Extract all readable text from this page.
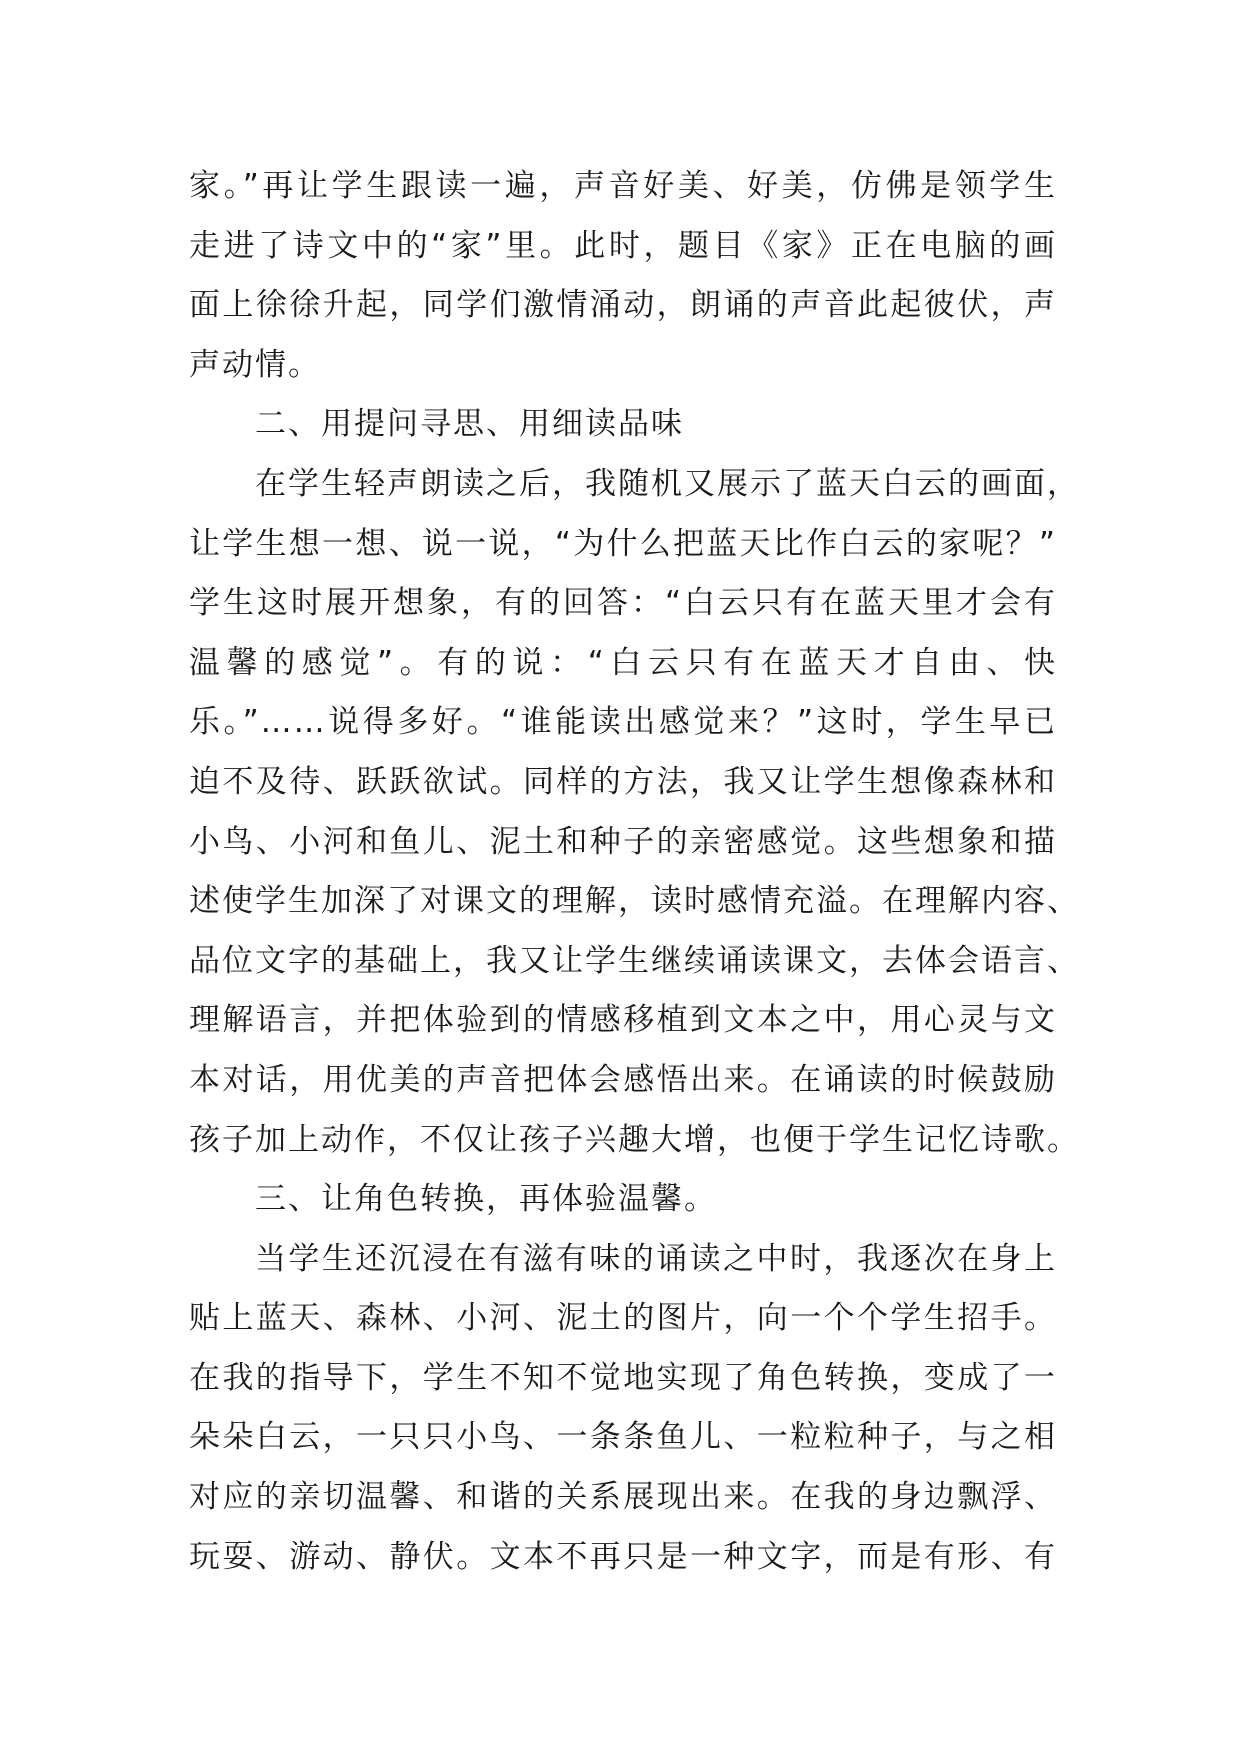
家。”再让学生跟读一遍，声音好美、好美，仿佛是领学生
走进了诗文中的“家”里。此时，题目《家》正在电脑的画
面上徐徐升起，同学们激情涌动，朗诵的声音此起彼伏，声
声动情。
二、用提问寻思、用细读品味
在学生轻声朗读之后，我随机又展示了蓝天白云的画面，
让学生想一想、说一说，“为什么把蓝天比作白云的家呢？”
学生这时展开想象，有的回答：“白云只有在蓝天里才会有
温馨的感觉”。有的说：“白云只有在蓝天才自由、快
乐。”……说得多好。“谁能读出感觉来？”这时，学生早已
迫不及待、跃跃欲试。同样的方法，我又让学生想像森林和
小鸟、小河和鱼儿、泥土和种子的亲密感觉。这些想象和描
述使学生加深了对课文的理解，读时感情充溢。在理解内容、
品位文字的基础上，我又让学生继续诵读课文，去体会语言、
理解语言，并把体验到的情感移植到文本之中，用心灵与文
本对话，用优美的声音把体会感悟出来。在诵读的时候鼓励
孩子加上动作，不仅让孩子兴趣大增，也便于学生记忆诗歌。
三、让角色转换，再体验温馨。
当学生还沉浸在有滋有味的诵读之中时，我逐次在身上
贴上蓝天、森林、小河、泥土的图片，向一个个学生招手。
在我的指导下，学生不知不觉地实现了角色转换，变成了一
朵朵白云，一只只小鸟、一条条鱼儿、一粒粒种子，与之相
对应的亲切温馨、和谐的关系展现出来。在我的身边飘浮、
玩耍、游动、静伏。文本不再只是一种文字，而是有形、有
